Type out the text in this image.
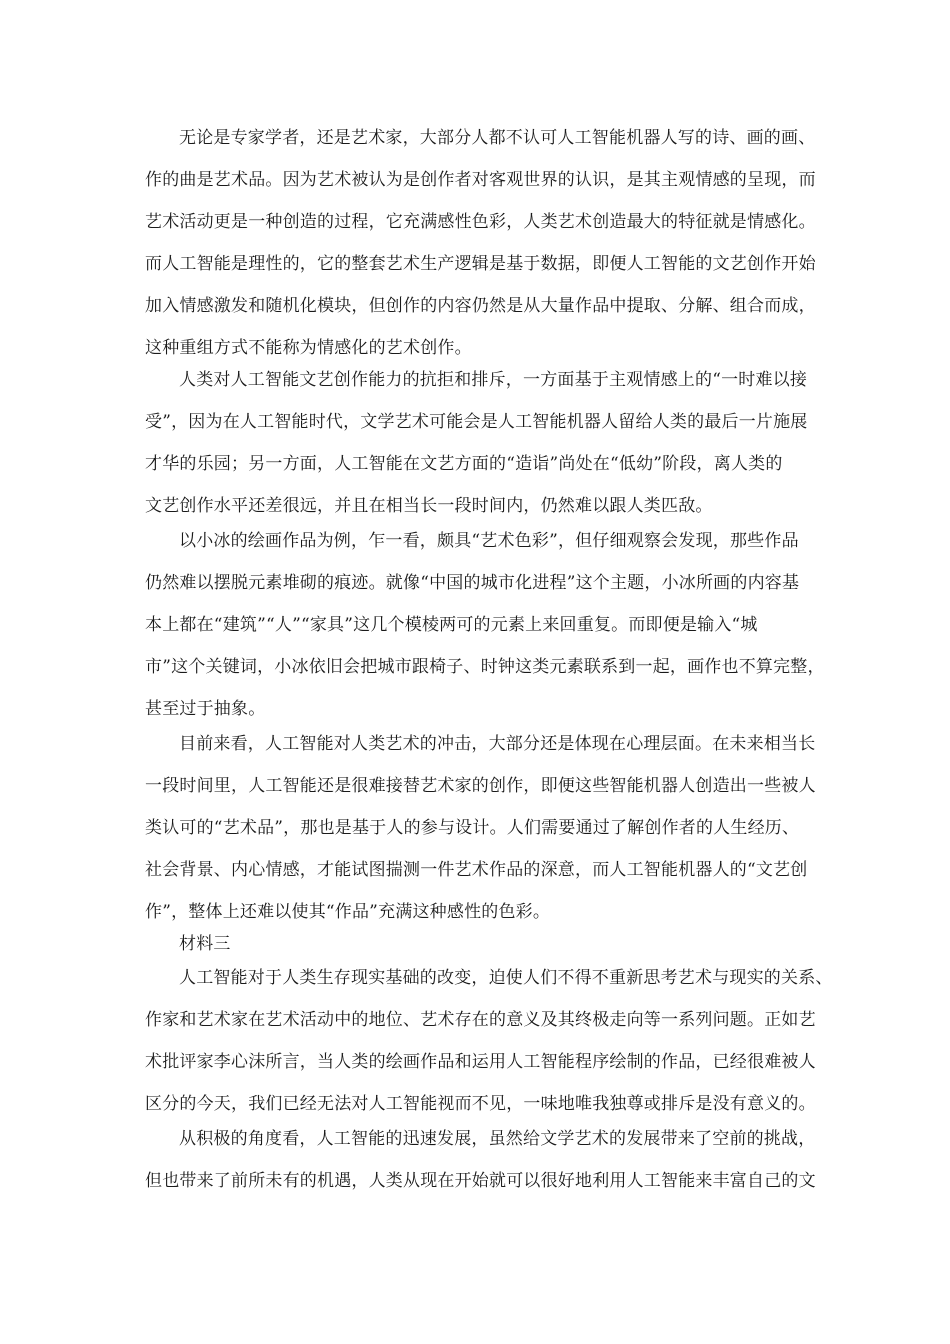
无论是专家学者，还是艺术家，大部分人都不认可人工智能机器人写的诗、画的画、
作的曲是艺术品。因为艺术被认为是创作者对客观世界的认识，是其主观情感的呈现，而
艺术活动更是一种创造的过程，它充满感性色彩，人类艺术创造最大的特征就是情感化。
而人工智能是理性的，它的整套艺术生产逻辑是基于数据，即便人工智能的文艺创作开始
加入情感激发和随机化模块，但创作的内容仍然是从大量作品中提取、分解、组合而成，
这种重组方式不能称为情感化的艺术创作。
人类对人工智能文艺创作能力的抗拒和排斥，一方面基于主观情感上的“一时难以接
受”，因为在人工智能时代，文学艺术可能会是人工智能机器人留给人类的最后一片施展
才华的乐园；另一方面，人工智能在文艺方面的“造诣”尚处在“低幼”阶段，离人类的
文艺创作水平还差很远，并且在相当长一段时间内，仍然难以跟人类匹敌。
以小冰的绘画作品为例，乍一看，颇具“艺术色彩”，但仔细观察会发现，那些作品
仍然难以摆脱元素堆砌的痕迹。就像“中国的城市化进程”这个主题，小冰所画的内容基
本上都在“建筑”“人”“家具”这几个模棱两可的元素上来回重复。而即便是输入“城
市”这个关键词，小冰依旧会把城市跟椅子、时钟这类元素联系到一起，画作也不算完整，
甚至过于抽象。
目前来看，人工智能对人类艺术的冲击，大部分还是体现在心理层面。在未来相当长
一段时间里，人工智能还是很难接替艺术家的创作，即便这些智能机器人创造出一些被人
类认可的“艺术品”，那也是基于人的参与设计。人们需要通过了解创作者的人生经历、
社会背景、内心情感，才能试图揣测一件艺术作品的深意，而人工智能机器人的“文艺创
作”，整体上还难以使其“作品”充满这种感性的色彩。
材料三
人工智能对于人类生存现实基础的改变，迫使人们不得不重新思考艺术与现实的关系、
作家和艺术家在艺术活动中的地位、艺术存在的意义及其终极走向等一系列问题。正如艺
术批评家李心沫所言，当人类的绘画作品和运用人工智能程序绘制的作品，已经很难被人
区分的今天，我们已经无法对人工智能视而不见，一味地唯我独尊或排斥是没有意义的。
从积极的角度看，人工智能的迅速发展，虽然给文学艺术的发展带来了空前的挑战，
但也带来了前所未有的机遇，人类从现在开始就可以很好地利用人工智能来丰富自己的文
